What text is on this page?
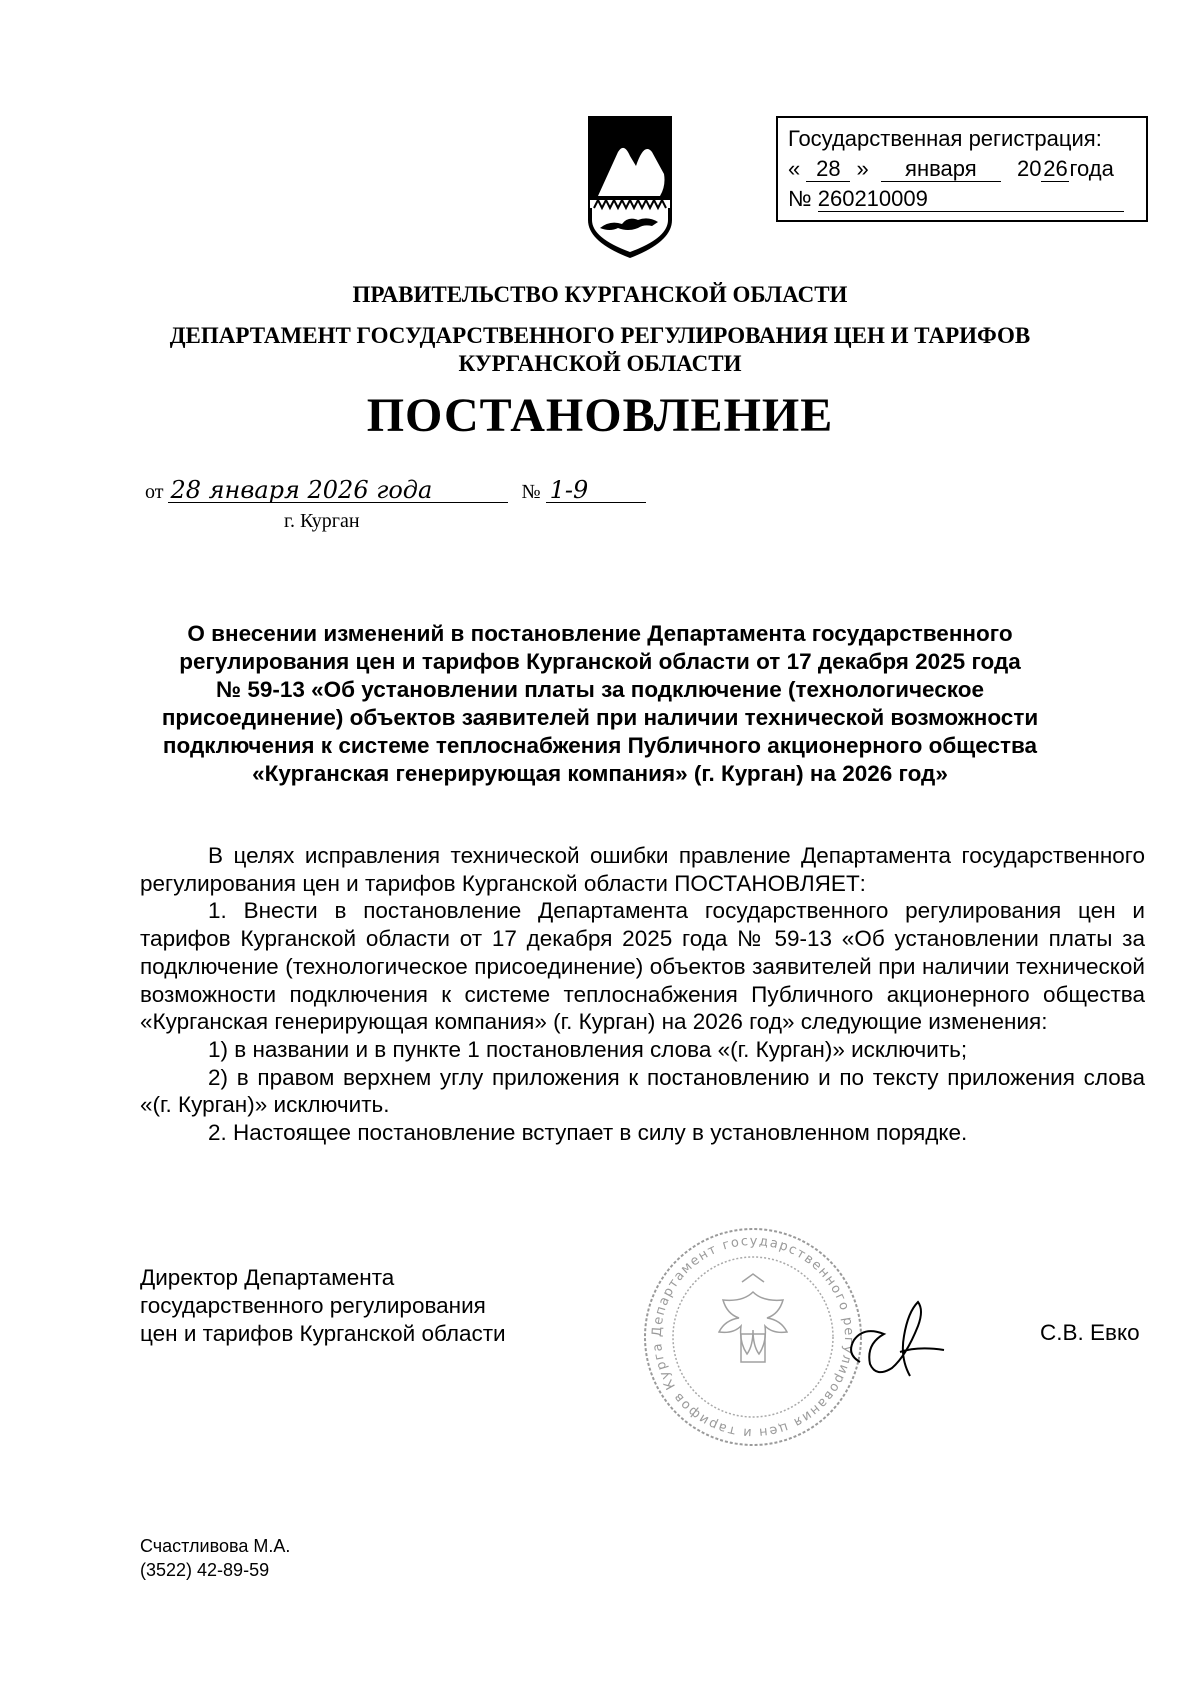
Государственная регистрация:
« 28 » января 2026года
№ 260210009
ПРАВИТЕЛЬСТВО КУРГАНСКОЙ ОБЛАСТИ
ДЕПАРТАМЕНТ ГОСУДАРСТВЕННОГО РЕГУЛИРОВАНИЯ ЦЕН И ТАРИФОВ
КУРГАНСКОЙ ОБЛАСТИ
ПОСТАНОВЛЕНИЕ
от 28 января 2026 года	№ 1-9
г. Курган
О внесении изменений в постановление Департамента государственного
регулирования цен и тарифов Курганской области от 17 декабря 2025 года
№ 59-13 «Об установлении платы за подключение (технологическое
присоединение) объектов заявителей при наличии технической возможности
подключения к системе теплоснабжения Публичного акционерного общества
«Курганская генерирующая компания» (г. Курган) на 2026 год»

В целях исправления технической ошибки правление Департамента государственного регулирования цен и тарифов Курганской области ПОСТАНОВЛЯЕТ:

1. Внести в постановление Департамента государственного регулирования цен и тарифов Курганской области от 17 декабря 2025 года № 59-13 «Об установлении платы за подключение (технологическое присоединение) объектов заявителей при наличии технической возможности подключения к системе теплоснабжения Публичного акционерного общества «Курганская генерирующая компания» (г. Курган) на 2026 год» следующие изменения:

1) в названии и в пункте 1 постановления слова «(г. Курган)» исключить;

2) в правом верхнем углу приложения к постановлению и по тексту приложения слова «(г. Курган)» исключить.

2. Настоящее постановление вступает в силу в установленном порядке.

Департамент государственного регулирования цен и тарифов Курга
Директор Департамента
государственного регулирования
цен и тарифов Курганской области	С.В. Евко
Счастливова М.А.
(3522) 42-89-59
